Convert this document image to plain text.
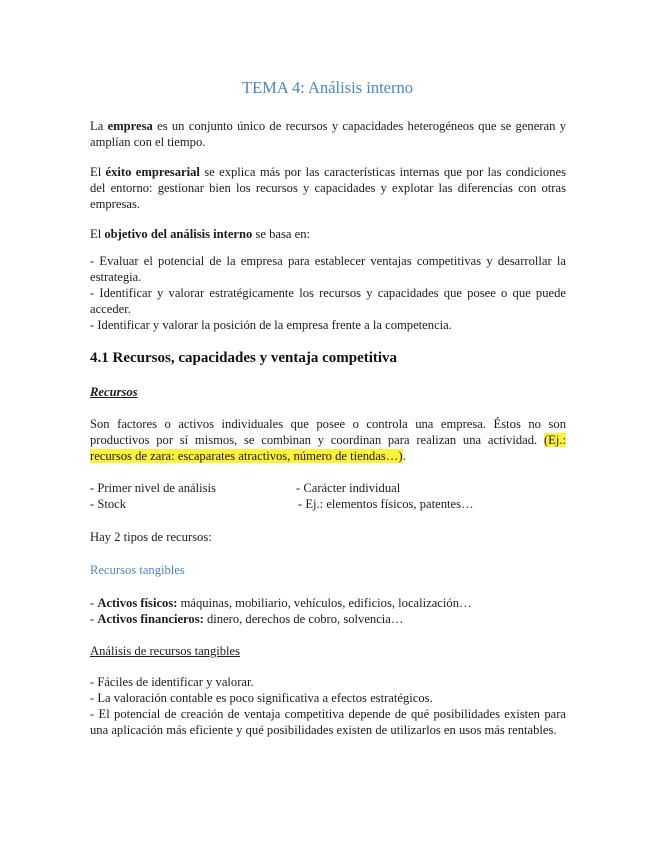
TEMA 4: Análisis interno

La empresa es un conjunto único de recursos y capacidades heterogéneos que se generan y amplían con el tiempo.

El éxito empresarial se explica más por las características internas que por las condiciones del entorno: gestionar bien los recursos y capacidades y explotar las diferencias con otras empresas.

El objetivo del análisis interno se basa en:

- Evaluar el potencial de la empresa para establecer ventajas competitivas y desarrollar la estrategia.
- Identificar y valorar estratégicamente los recursos y capacidades que posee o que puede acceder.
- Identificar y valorar la posición de la empresa frente a la competencia.
4.1 Recursos, capacidades y ventaja competitiva
Recursos

Son factores o activos individuales que posee o controla una empresa. Éstos no son productivos por sí mismos, se combinan y coordinan para realizan una actividad. (Ej.: recursos de zara: escaparates atractivos, número de tiendas…).

- Primer nivel de análisis	- Carácter individual
- Stock	- Ej.: elementos físicos, patentes…

Hay 2 tipos de recursos:

Recursos tangibles

- Activos físicos: máquinas, mobiliario, vehículos, edificios, localización…
- Activos financieros: dinero, derechos de cobro, solvencia…

Análisis de recursos tangibles

- Fáciles de identificar y valorar.
- La valoración contable es poco significativa a efectos estratégicos.
- El potencial de creación de ventaja competitiva depende de qué posibilidades existen para una aplicación más eficiente y qué posibilidades existen de utilizarlos en usos más rentables.
